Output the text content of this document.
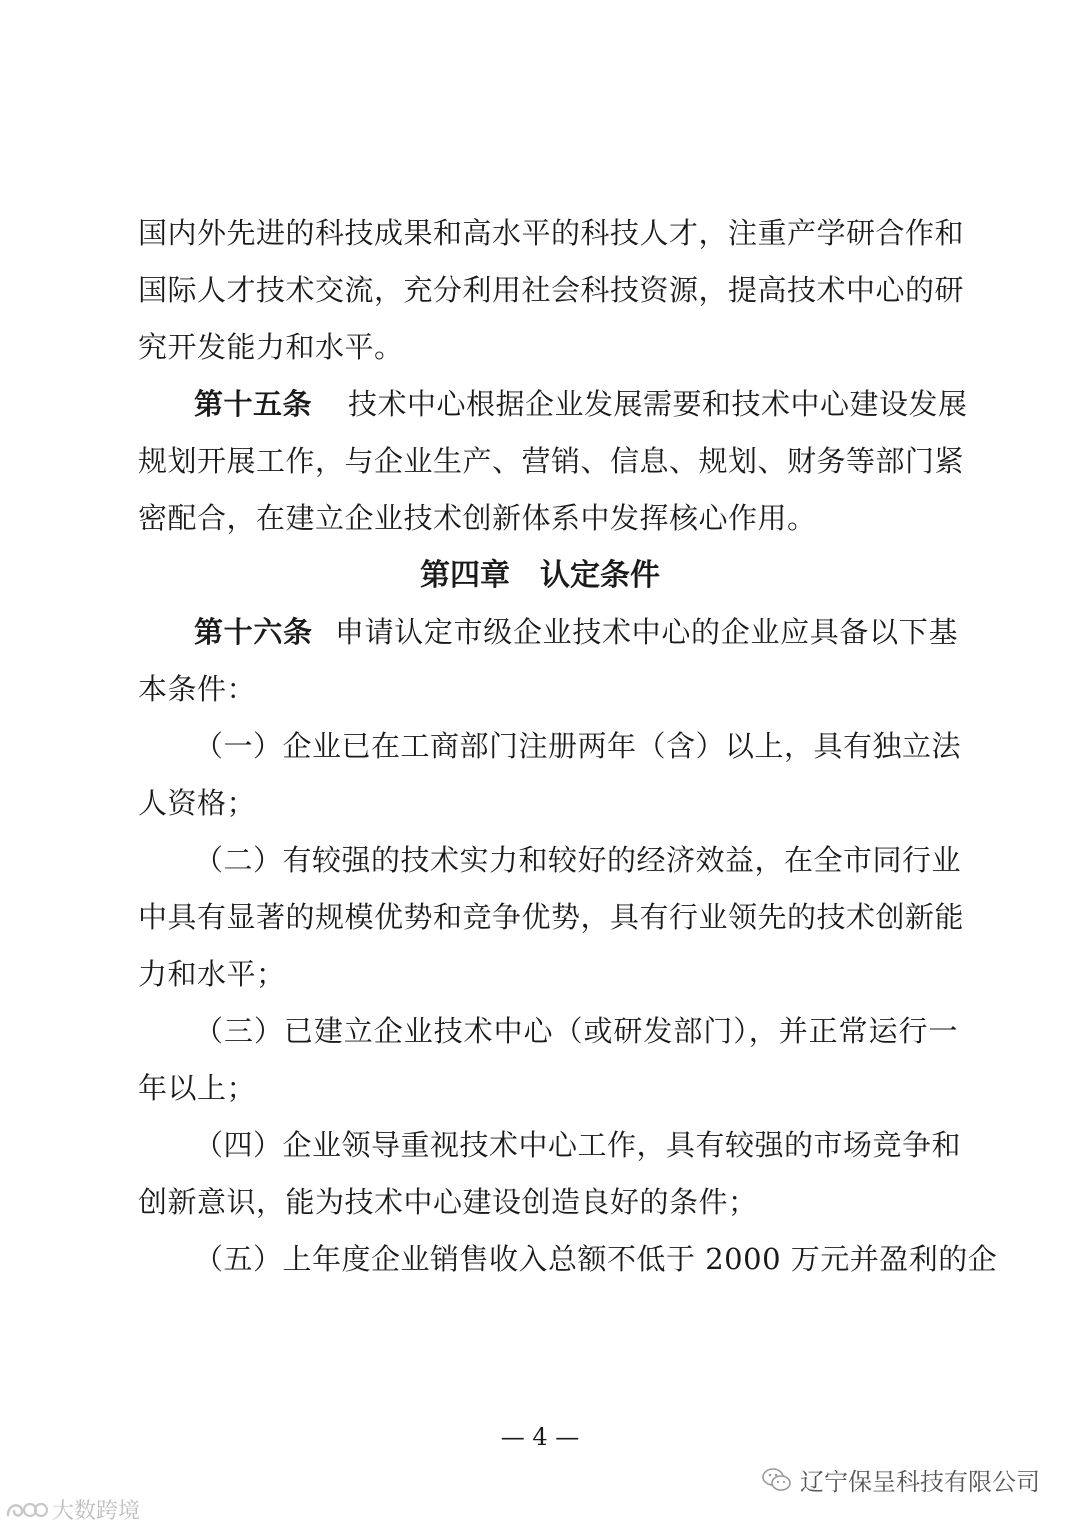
国内外先进的科技成果和高水平的科技人才，注重产学研合作和
国际人才技术交流，充分利用社会科技资源，提高技术中心的研
究开发能力和水平。
第十五条 技术中心根据企业发展需要和技术中心建设发展
规划开展工作，与企业生产、营销、信息、规划、财务等部门紧
密配合，在建立企业技术创新体系中发挥核心作用。
第四章 认定条件
第十六条 申请认定市级企业技术中心的企业应具备以下基
本条件：
（一）企业已在工商部门注册两年（含）以上，具有独立法
人资格；
（二）有较强的技术实力和较好的经济效益，在全市同行业
中具有显著的规模优势和竞争优势，具有行业领先的技术创新能
力和水平；
（三）已建立企业技术中心（或研发部门），并正常运行一
年以上；
（四）企业领导重视技术中心工作，具有较强的市场竞争和
创新意识，能为技术中心建设创造良好的条件；
（五）上年度企业销售收入总额不低于 2000 万元并盈利的企
— 4 —
辽宁保呈科技有限公司
大数跨境
